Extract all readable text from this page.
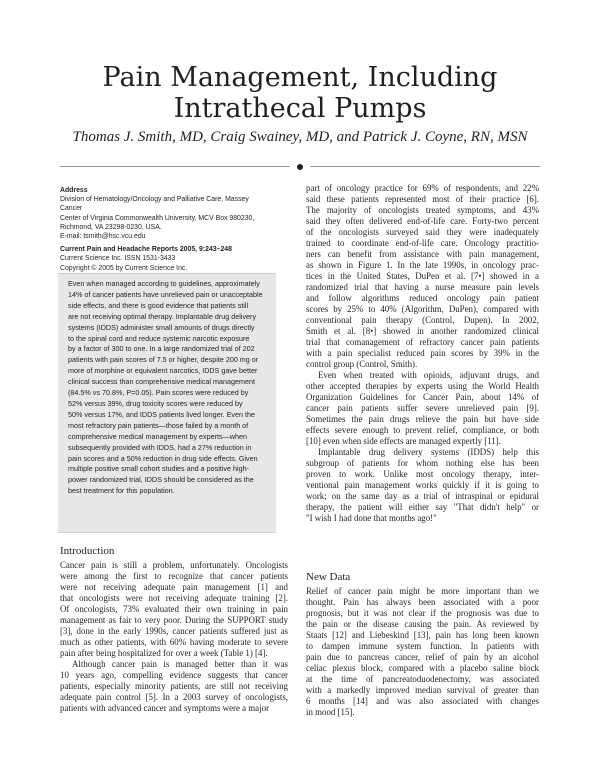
Pain Management, Including
Intrathecal Pumps
Thomas J. Smith, MD, Craig Swainey, MD, and Patrick J. Coyne, RN, MSN
Address
Division of Hematology/Oncology and Palliative Care, Massey Cancer
Center of Virginia Commonwealth University, MCV Box 980230,
Richmond, VA 23298-0230, USA.
E-mail: tsmith@hsc.vcu.edu
Current Pain and Headache Reports 2005, 9:243–248
Current Science Inc. ISSN 1531-3433
Copyright © 2005 by Current Science Inc.
Even when managed according to guidelines, approximately
14% of cancer patients have unrelieved pain or unacceptable
side effects, and there is good evidence that patients still
are not receiving optimal therapy. Implantable drug delivery
systems (IDDS) administer small amounts of drugs directly
to the spinal cord and reduce systemic narcotic exposure
by a factor of 300 to one. In a large randomized trial of 202
patients with pain scores of 7.5 or higher, despite 200 mg or
more of morphine or equivalent narcotics, IDDS gave better
clinical success than comprehensive medical management
(84.5% vs 70.8%, P=0.05). Pain scores were reduced by
52% versus 39%, drug toxicity scores were reduced by
50% versus 17%, and IDDS patients lived longer. Even the
most refractory pain patients—those failed by a month of
comprehensive medical management by experts—when
subsequently provided with IDDS, had a 27% reduction in
pain scores and a 50% reduction in drug side effects. Given
multiple positive small cohort studies and a positive high-
power randomized trial, IDDS should be considered as the
best treatment for this population.
Introduction
Cancer pain is still a problem, unfortunately. Oncologists
were among the first to recognize that cancer patients
were not receiving adequate pain management [1] and
that oncologists were not receiving adequate training [2].
Of oncologists, 73% evaluated their own training in pain
management as fair to very poor. During the SUPPORT study
[3], done in the early 1990s, cancer patients suffered just as
much as other patients, with 60% having moderate to severe
pain after being hospitalized for over a week (Table 1) [4].
Although cancer pain is managed better than it was
10 years ago, compelling evidence suggests that cancer
patients, especially minority patients, are still not receiving
adequate pain control [5]. In a 2003 survey of oncologists,
patients with advanced cancer and symptoms were a major
part of oncology practice for 69% of respondents, and 22%
said these patients represented most of their practice [6].
The majority of oncologists treated symptoms, and 43%
said they often delivered end-of-life care. Forty-two percent
of the oncologists surveyed said they were inadequately
trained to coordinate end-of-life care. Oncology practitio-
ners can benefit from assistance with pain management,
as shown in Figure 1. In the late 1990s, in oncology prac-
tices in the United States, DuPen et al. [7•] showed in a
randomized trial that having a nurse measure pain levels
and follow algorithms reduced oncology pain patient
scores by 25% to 40% (Algorithm, DuPen), compared with
conventional pain therapy (Control, Dupen). In 2002,
Smith et al. [8•] showed in another randomized clinical
trial that comanagement of refractory cancer pain patients
with a pain specialist reduced pain scores by 39% in the
control group (Control, Smith).
Even when treated with opioids, adjuvant drugs, and
other accepted therapies by experts using the World Health
Organization Guidelines for Cancer Pain, about 14% of
cancer pain patients suffer severe unrelieved pain [9].
Sometimes the pain drugs relieve the pain but have side
effects severe enough to prevent relief, compliance, or both
[10] even when side effects are managed expertly [11].
Implantable drug delivery systems (IDDS) help this
subgroup of patients for whom nothing else has been
proven to work. Unlike most oncology therapy, inter-
ventional pain management works quickly if it is going to
work; on the same day as a trial of intraspinal or epidural
therapy, the patient will either say "That didn't help" or
"I wish I had done that months ago!"
New Data
Relief of cancer pain might be more important than we
thought. Pain has always been associated with a poor
prognosis, but it was not clear if the prognosis was due to
the pain or the disease causing the pain. As reviewed by
Staats [12] and Liebeskind [13], pain has long been known
to dampen immune system function. In patients with
pain due to pancreas cancer, relief of pain by an alcohol
celiac plexus block, compared with a placebo saline block
at the time of pancreatoduodenectomy, was associated
with a markedly improved median survival of greater than
6 months [14] and was also associated with changes
in mood [15].
